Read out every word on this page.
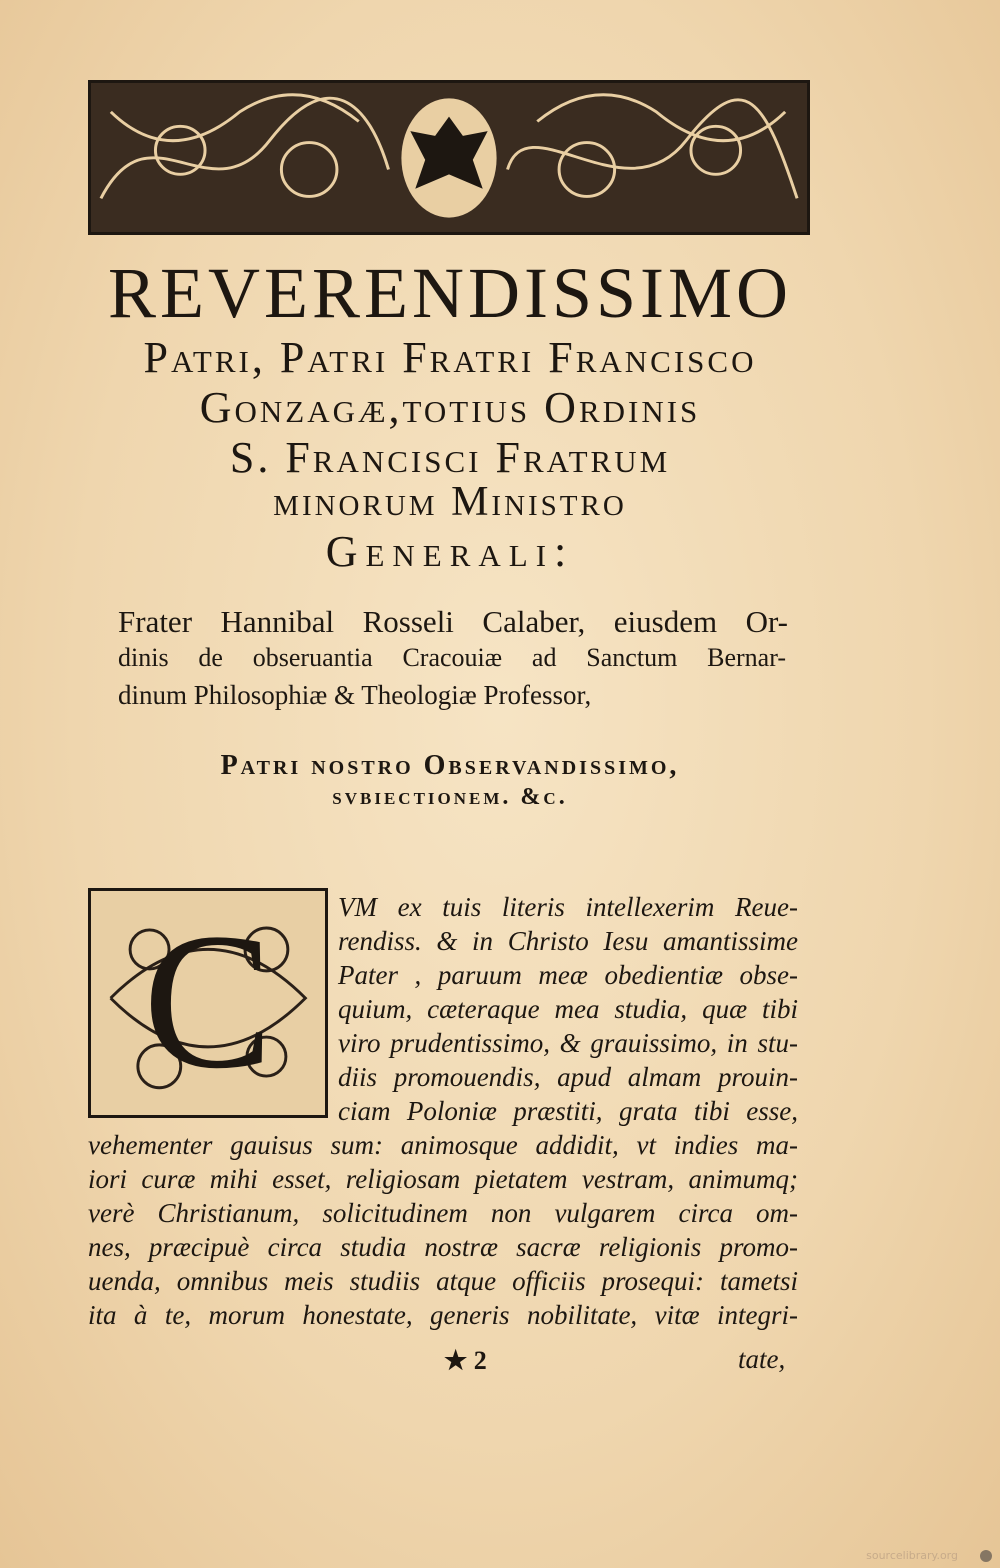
REVERENDISSIMO
Patri, Patri Fratri Francisco
Gonzagæ,totius Ordinis
S. Francisci Fratrum
minorum Ministro
Generali:
Frater Hannibal Rosseli Calaber, eiusdem Or-
dinis de obseruantia Cracouiæ ad Sanctum Bernar-
dinum Philosophiæ & Theologiæ Professor,
Patri nostro Observandissimo,
svbiectionem. &c.
C VM ex tuis literis intellexerim Reue-
rendiss. & in Christo Iesu amantissime
Pater , paruum meæ obedientiæ obse-
quium, cæteraque mea studia, quæ tibi
viro prudentissimo, & grauissimo, in stu-
diis promouendis, apud almam prouin-
ciam Poloniæ præstiti, grata tibi esse,
vehementer gauisus sum: animosque addidit, vt indies ma-
iori curæ mihi esset, religiosam pietatem vestram, animumq;
verè Christianum, solicitudinem non vulgarem circa om-
nes, præcipuè circa studia nostræ sacræ religionis promo-
uenda, omnibus meis studiis atque officiis prosequi: tametsi
ita à te, morum honestate, generis nobilitate, vitæ integri-
★ 2	tate,
sourcelibrary.org
